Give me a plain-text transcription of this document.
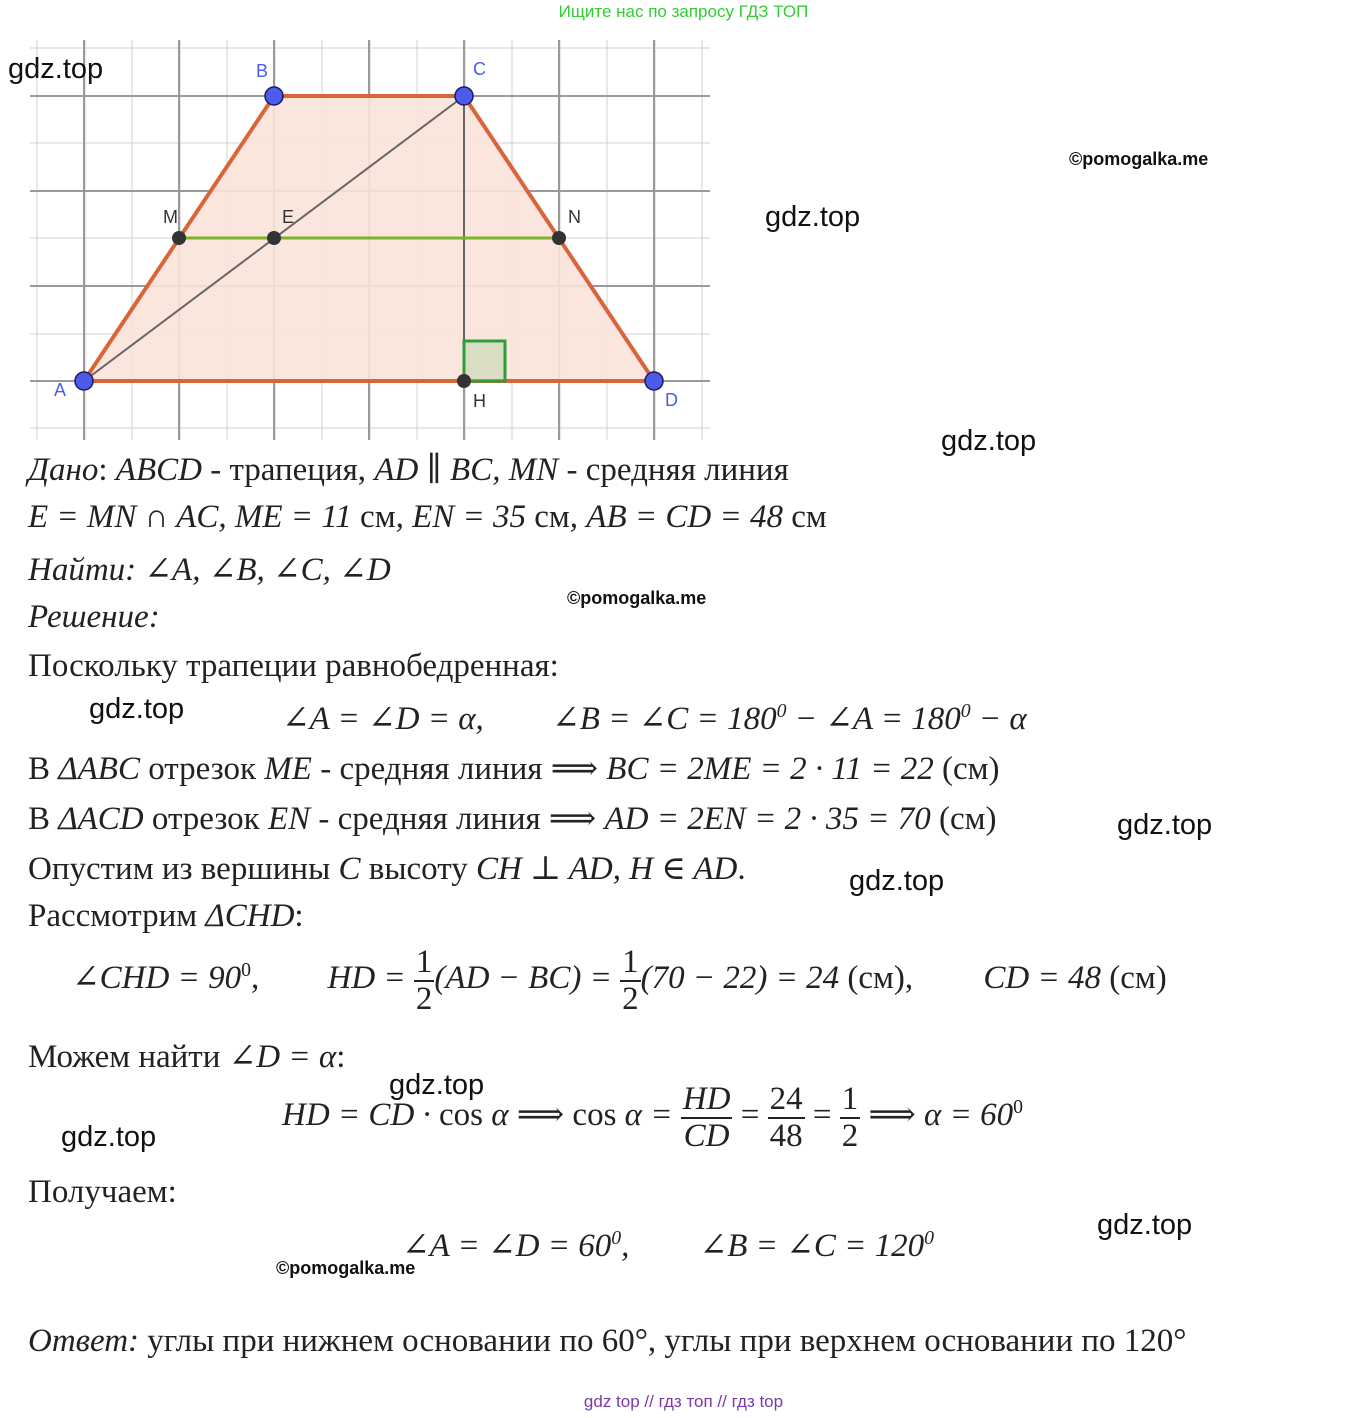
Ищите нас по запросу ГДЗ ТОП
A
B	C
D
M	E	N
H
gdz.top
gdz.top
gdz.top
gdz.top
gdz.top
gdz.top
gdz.top
gdz.top
gdz.top
©pomogalka.me
©pomogalka.me
©pomogalka.me
Дано: ABCD - трапеция, AD ∥ BC, MN - средняя линия
E = MN ∩ AC, ME = 11 см, EN = 35 см, AB = CD = 48 см
Найти: ∠A, ∠B, ∠C, ∠D
Решение:
Поскольку трапеции равнобедренная:
∠A = ∠D = α, ∠B = ∠C = $180^0$ − ∠A = $180^0 - \alpha$
В ΔABC отрезок ME - средняя линия ⟹ BC = 2ME = 2 · 11 = 22 (см)
В ΔACD отрезок EN - средняя линия ⟹ AD = 2EN = 2 · 35 = 70 (см)
Опустим из вершины C высоту CH ⊥ AD, H ∈ AD.
Рассмотрим ΔCHD:
∠CHD = $90^0$, HD = $\frac{1}{2} (AD - BC) = \frac{1}{2} (70 - 22) = 24$ (см), CD = 48 (см)
Можем найти ∠D = α:
HD = CD · cos α ⟹ $\cos \alpha = \frac{HD}{CD} = \frac{24}{48} = \frac{1}{2}$ ⟹ $\alpha = 60^0$
Получаем:
∠A = ∠D = $60^0$, ∠B = ∠C = $120^0$
Ответ: углы при нижнем основании по 60°, углы при верхнем основании по 120°
gdz top // гдз топ // гдз top
